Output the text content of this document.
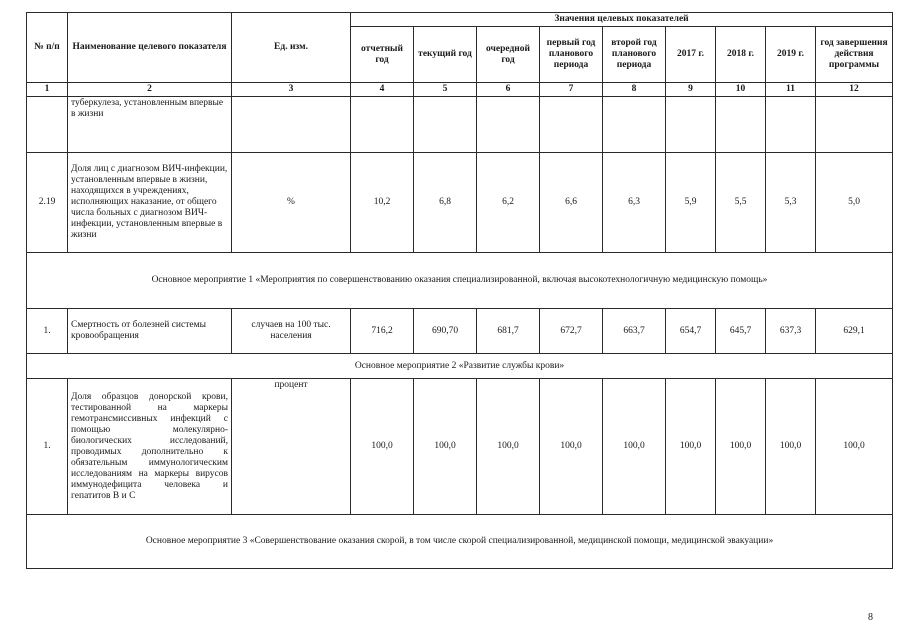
№ п/п	Наименование целевого показателя	Ед. изм.	Значения целевых показателей								
			отчетный год	текущий год	очередной год	первый год планового периода	второй год планового периода	2017 г.	2018 г.	2019 г.	год завершения действия программы
1	2	3	4	5	6	7	8	9	10	11	12
	туберкулеза, установленным впервые в жизни										
2.19	Доля лиц с диагнозом ВИЧ-инфекции, установленным впервые в жизни, находящихся в учреждениях, исполняющих наказание, от общего числа больных с диагнозом ВИЧ-инфекции, установленным впервые в жизни	%	10,2	6,8	6,2	6,6	6,3	5,9	5,5	5,3	5,0
Основное мероприятие 1 «Мероприятия по совершенствованию оказания специализированной, включая высокотехнологичную медицинскую помощь»											
1.	Смертность от болезней системы кровообращения	случаев на 100 тыс. населения	716,2	690,70	681,7	672,7	663,7	654,7	645,7	637,3	629,1
Основное мероприятие 2 «Развитие службы крови»											
1.	Доля образцов донорской крови, тестированной на маркеры гемотрансмиссивных инфекций с помощью молекулярно-биологических исследований, проводимых дополнительно к обязательным иммунологическим исследованиям на маркеры вирусов иммунодефицита человека и гепатитов В и С	процент	100,0	100,0	100,0	100,0	100,0	100,0	100,0	100,0	100,0
Основное мероприятие 3 «Совершенствование оказания скорой, в том числе скорой специализированной, медицинской помощи, медицинской эвакуации»											
8
